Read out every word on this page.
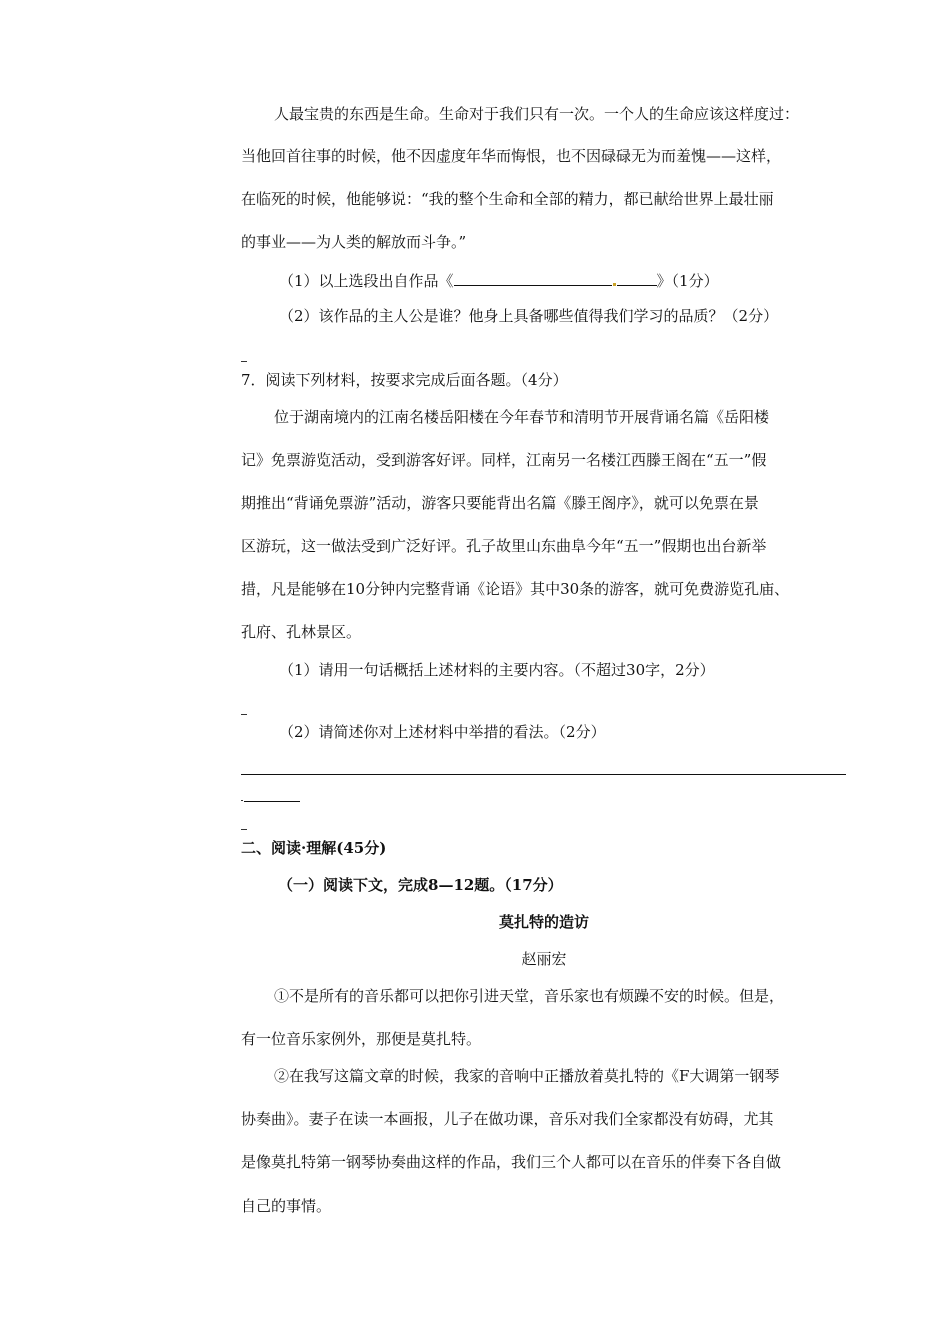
人最宝贵的东西是生命。生命对于我们只有一次。一个人的生命应该这样度过：
当他回首往事的时候，他不因虚度年华而悔恨，也不因碌碌无为而羞愧——这样，
在临死的时候，他能够说：“我的整个生命和全部的精力，都已献给世界上最壮丽
的事业——为人类的解放而斗争。”
（1）以上选段出自作品《	》（1分）
（2）该作品的主人公是谁？他身上具备哪些值得我们学习的品质？（2分）
7．阅读下列材料，按要求完成后面各题。（4分）
位于湖南境内的江南名楼岳阳楼在今年春节和清明节开展背诵名篇《岳阳楼
记》免票游览活动，受到游客好评。同样，江南另一名楼江西滕王阁在“五一”假
期推出“背诵免票游”活动，游客只要能背出名篇《滕王阁序》，就可以免票在景
区游玩，这一做法受到广泛好评。孔子故里山东曲阜今年“五一”假期也出台新举
措，凡是能够在10分钟内完整背诵《论语》其中30条的游客，就可免费游览孔庙、
孔府、孔林景区。
（1）请用一句话概括上述材料的主要内容。（不超过30字，2分）
（2）请简述你对上述材料中举措的看法。（2分）
二、阅读·理解(45分)
（一）阅读下文，完成8—12题。（17分）
莫扎特的造访
赵丽宏
①不是所有的音乐都可以把你引进天堂，音乐家也有烦躁不安的时候。但是，
有一位音乐家例外，那便是莫扎特。
②在我写这篇文章的时候，我家的音响中正播放着莫扎特的《F大调第一钢琴
协奏曲》。妻子在读一本画报，儿子在做功课，音乐对我们全家都没有妨碍，尤其
是像莫扎特第一钢琴协奏曲这样的作品，我们三个人都可以在音乐的伴奏下各自做
自己的事情。
